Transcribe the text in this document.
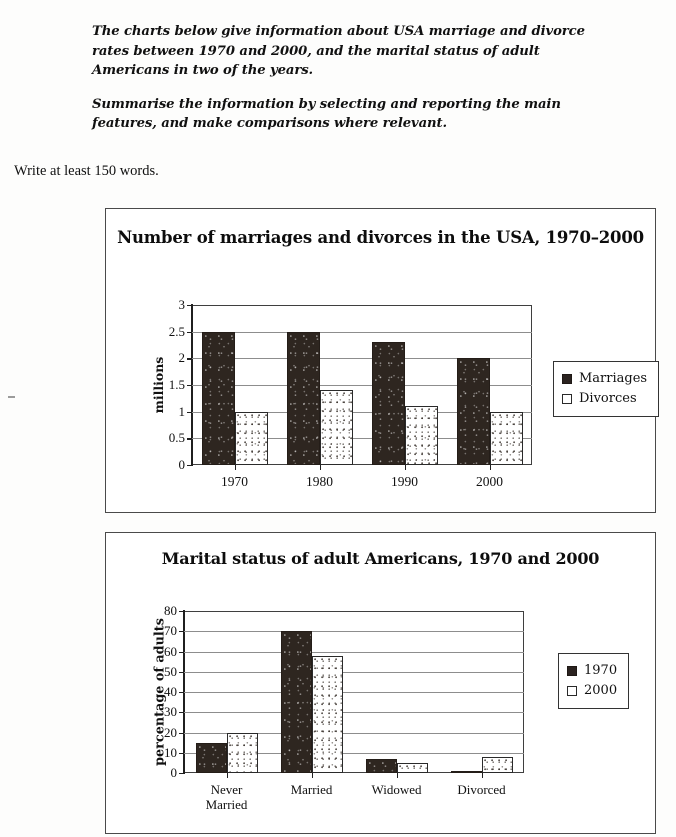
The charts below give information about USA marriage and divorce rates between 1970 and 2000, and the marital status of adult Americans in two of the years.

Summarise the information by selecting and reporting the main features, and make comparisons where relevant.

Write at least 150 words.
Number of marriages and divorces in the USA, 1970–2000
3
2.5
2
1.5
1
0.5
0
millions
1970	1980	1990	2000
Marriages
Divorces
Marital status of adult Americans, 1970 and 2000
80
70
60
50
40
30
20
10
0
percentage of adults
Never
Married
Married	Widowed	Divorced
1970
2000
